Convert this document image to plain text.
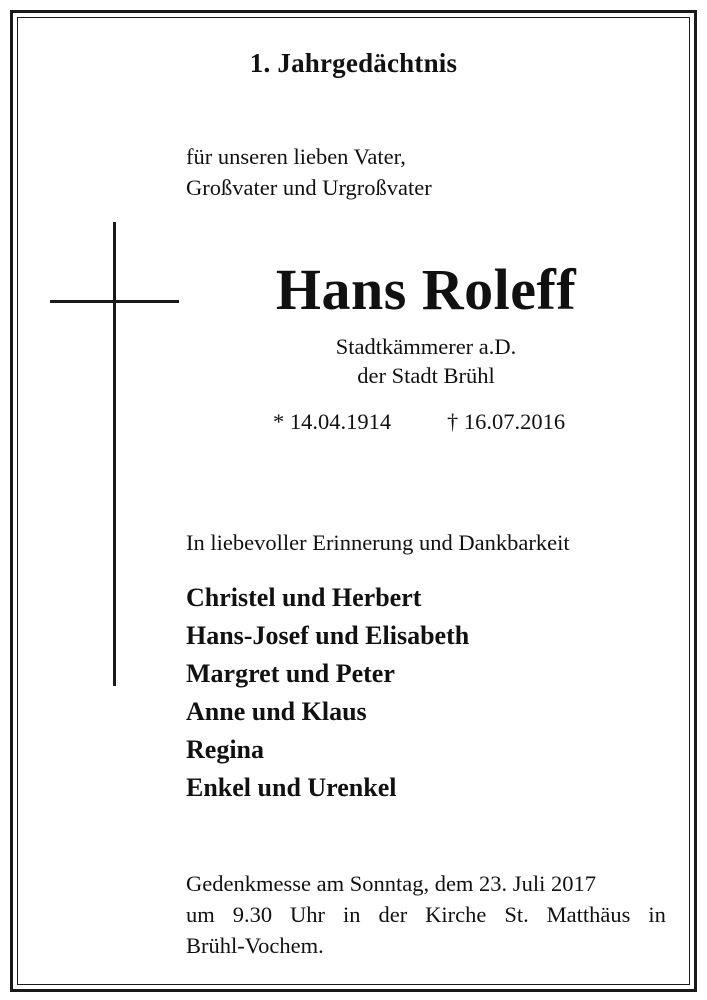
1. Jahrgedächtnis
für unseren lieben Vater,
Großvater und Urgroßvater
Hans Roleff
Stadtkämmerer a.D.
der Stadt Brühl
* 14.04.1914 † 16.07.2016
In liebevoller Erinnerung und Dankbarkeit
Christel und Herbert
Hans-Josef und Elisabeth
Margret und Peter
Anne und Klaus
Regina
Enkel und Urenkel
Gedenkmesse am Sonntag, dem 23. Juli 2017
um 9.30 Uhr in der Kirche St. Matthäus in
Brühl-Vochem.
